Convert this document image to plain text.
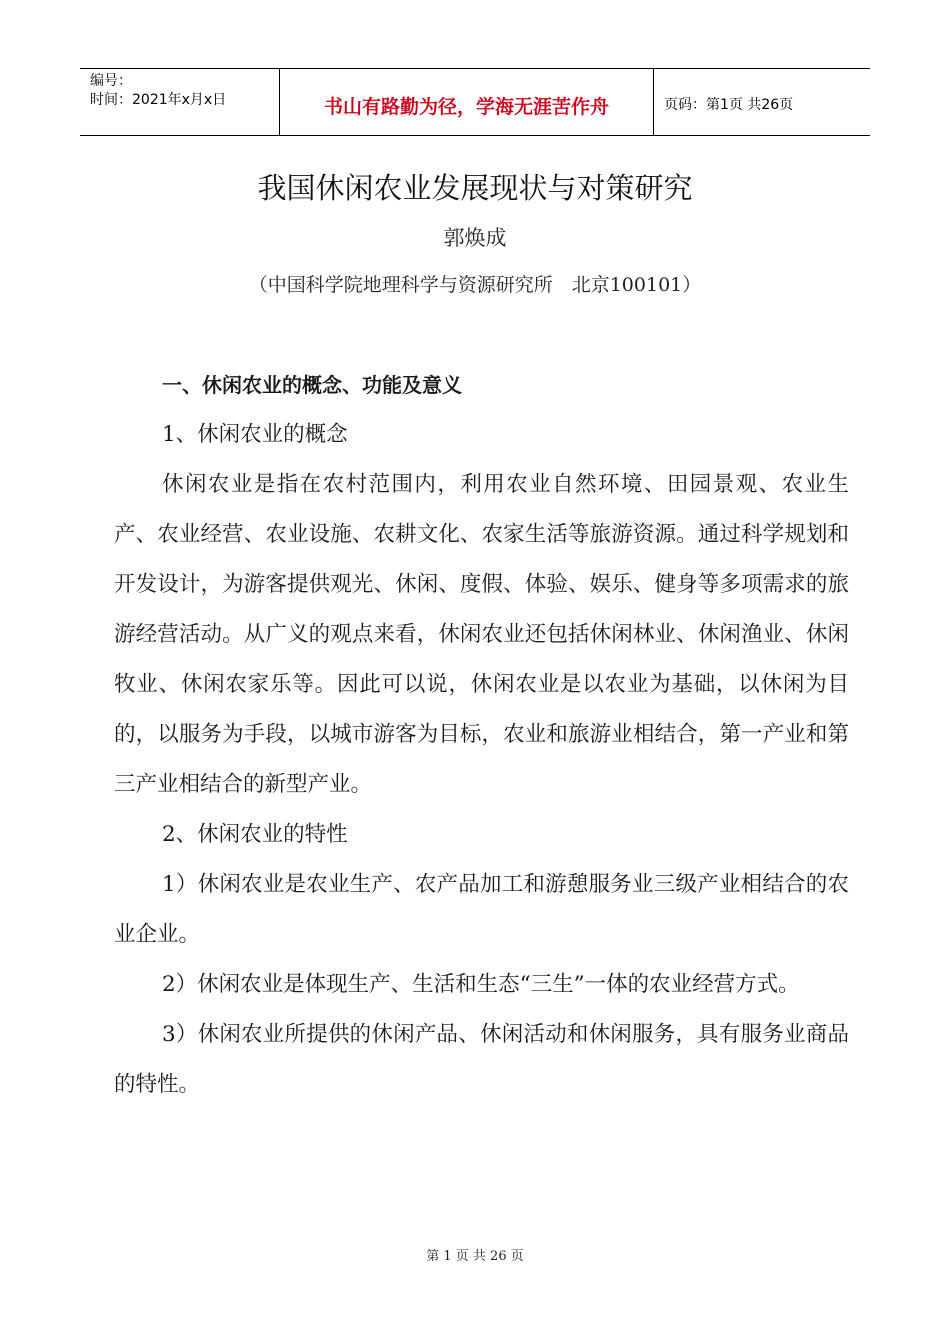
编号：
时间：2021年x月x日	书山有路勤为径，学海无涯苦作舟	页码：第1页 共26页
我国休闲农业发展现状与对策研究
郭焕成
（中国科学院地理科学与资源研究所　北京100101）
一、休闲农业的概念、功能及意义
1、休闲农业的概念

休闲农业是指在农村范围内，利用农业自然环境、田园景观、农业生产、农业经营、农业设施、农耕文化、农家生活等旅游资源。通过科学规划和开发设计，为游客提供观光、休闲、度假、体验、娱乐、健身等多项需求的旅游经营活动。从广义的观点来看，休闲农业还包括休闲林业、休闲渔业、休闲牧业、休闲农家乐等。因此可以说，休闲农业是以农业为基础，以休闲为目的，以服务为手段，以城市游客为目标，农业和旅游业相结合，第一产业和第三产业相结合的新型产业。

2、休闲农业的特性

1）休闲农业是农业生产、农产品加工和游憩服务业三级产业相结合的农业企业。

2）休闲农业是体现生产、生活和生态“三生”一体的农业经营方式。

3）休闲农业所提供的休闲产品、休闲活动和休闲服务，具有服务业商品的特性。

第 1 页 共 26 页
